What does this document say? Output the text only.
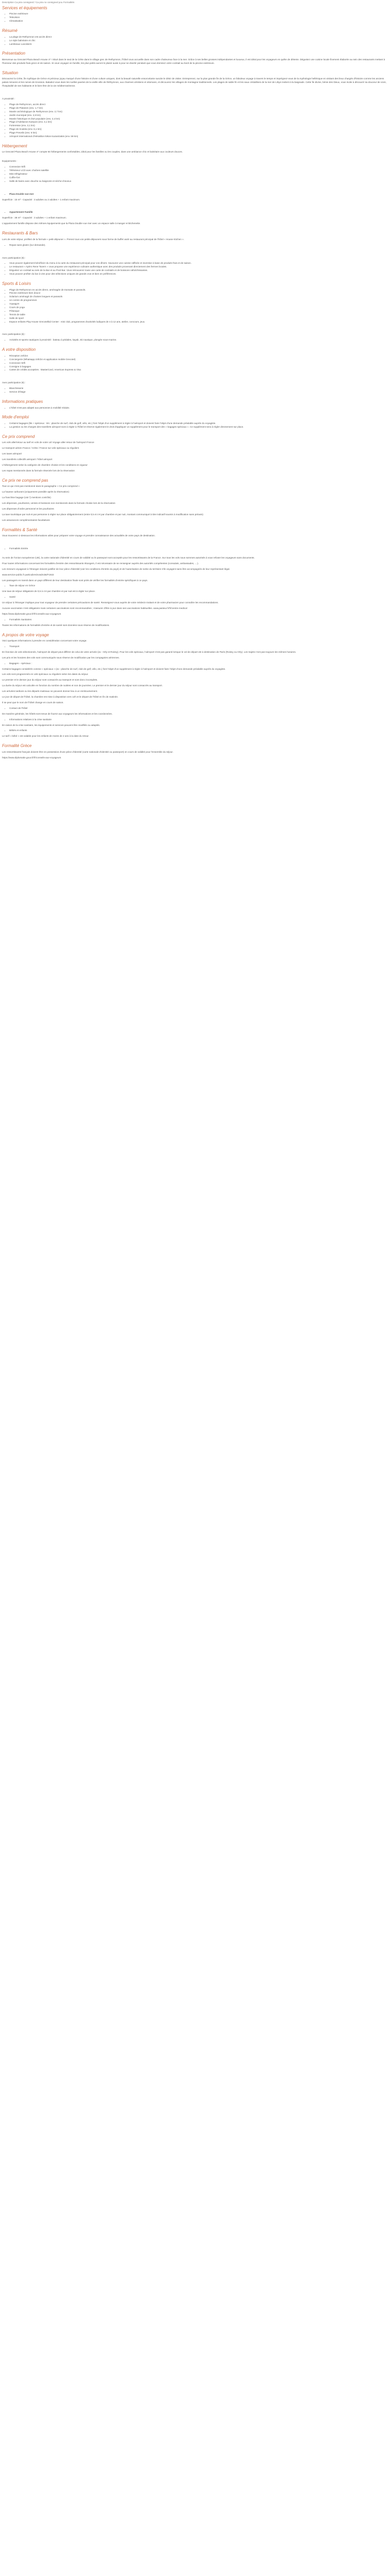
Description Ca pira consigned / Ca pira no consigned pou Formalités

Services et équipements
• Piscine extérieure
• Television
• Climatisation
Résumé
• La plage de Rethymnon est accès direct
• Le style balnéaire et chic
• Lambeaux Lavoisiers
Présentation

Bienvenue au Grecotel Plaza Beach House 4* ! Situé dans le seul de la Crète dans le village grec de Rethymnon, l'hôtel vous accueille dans son cadre chaleureux face à la mer. Grâce à ses belles grosses indépendantes et luxueux, il est idéal pour les voyageurs en quête de détente. Dégustez une cuisine locale finement élaborée au sein des restaurants mettant à l'honneur des produits frais grecs et de saison. Si vous voyagez en famille, les plus petits auront le plaisir aussi à pour se divertir pendant que vous dominez votre cocktail au bord de la piscine extérieure.

Situation

Découvrez la Crète, île mythique de Grèce et précieux joyau marqué d'une histoire et d'une culture uniques, dont la beauté naturelle ensorcelante suscite le désir de visiter. Entreprenez, sur la plus grande île de la Grèce, un fabuleux voyage à travers le temps et imprégnez-vous de la mythologie hellénique en visitant des lieux chargés d'histoire comme les anciens palais minoens et les ruines de Knossos. Baladez-vous dans les ruelles pavées de la vieille ville de Réthymnon, aux charmes vénitiens et ottomans, et découvrez les villages de montagne traditionnels. Les plages de sable fin et les eaux cristallines de la mer de Libye invitent à la baignade. Cette île divine, bénie des Dieux, vous invite à découvrir sa douceur de vivre, l'hospitalité de ses habitants et le bien-être de la vie méditerranéenne.

A proximité :

• Plage de Rethymnon, accès direct
• Plage de Platanes (env. 1,7 km)
• Musée archéologique de Rethymnon (env. 2,7 km)
• Jardin municipal (env. 2,6 km)
• Musée historique et d'art populaire (env. 2,4 km)
• Plage d'Adelianos Kampos (env. 3,1 km)
• Forteresse (env. 3,1 km)
• Plage de Scaleta (env. 6,1 km)
• Plage Prevelis (env. 6 km)
• Aéroport international d'Héraklion Nikos Kazantzakis (env. 59 km)
Hébergement

Le Grecotel Plaza Beach House 4* compte 84 hébergements confortables, idéal pour les familles ou les couples, dans une ambiance chic et balnéaire aux couleurs douces.

Equipements :

• Connexion Wifi
• Téléviseur LCD avec chaînes satellite
• Mini-réfrigérateur
• Coffre-fort
• Salle de bains avec douche ou baignoire et sèche-cheveux
• Plaza Double vue mer

Superficie : 15 m² - Capacité : 3 adultes ou 2 adultes + 1 enfant maximum.

• Appartement Famille

Superficie : 38 m² - Capacité : 3 adultes + 1 enfant maximum.

L'appartement famille dispose des mêmes équipements que la Plaza Double vue mer avec un espace salle à manger et kitchenette.

Restaurants & Bars

Lors de votre séjour, profitez de la formule « petit-déjeuner ». Prenez tous vos petits-déjeuners sous forme de buffet varié au restaurant principal de l'hôtel « House Kitchen ».

• Repas sans gluten (sur demande).

Avec participation (€) :

• Vous pouvez également bénéficier du menu à la carte du restaurant principal pour vos dîners. Savourez une cuisine raffinée et inventive à base de produits frais et de saison.
• Le restaurant « Apéro Rene Tavern » vous propose une expérience culinaire authentique avec des produits provenant directement des fermes locales.
• Dégustez un cocktail au sein de la Bar et au Pool Bar. Vous retrouverez toute une carte de cocktails et de boissons rafraîchissantes.
• Vous pouvez profiter du bar à vins pour des sélections uniques de grands crus et bien en préférences.
Sports & Loisirs
• Plage de Rethymnon en accès direct, aménagée de transats et parasols.
• Piscine extérieure bien douce
• Solarium aménagé de chaises longues et parasols
• Un centre de programmes
• Aquagym
• Cours de yoga
• Pétanque
• Tennis de table
• Salle de sport
• Espace enfants Play House Grecotelkid Center : mini club, programmes d'activités ludiques de 4 à 12 ans, atelier, concours, jeux.

Avec participation (€) :

• Activités et sports nautiques à proximité : bateau à pédales, kayak, ski nautique, plongée sous-marine.
A votre disposition
• Réception 24h/24
• Conciergerie (Whatsapp 24h/24 et application mobile Grecotel)
• Connexion Wifi
• Consigne à bagages
• Cartes de crédits acceptées : MasterCard, American Express & Visa

Avec participation (€) :

• Blanchisserie
• Service d'étage
Informations pratiques
• L'hôtel n'est pas adapté aux personnes à mobilité réduite.
Mode d'emploi
• Certains bagages (lits + spécieux : tirs : planche de surf, club de golf, vélo, etc.) font l'objet d'un supplément à régler à l'aéroport et doivent faire l'objet d'une demande préalable auprès du voyagiste.
• La gestion ou les charges des transferts aéroport sont à régler à l'hôtel et réserve également le droit d'appliquer un supplément pour le transport des « bagages spéciaux ». Ce supplément sera à régler directement sur place.
Ce prix comprend

Les vols aller/retour au tarif en vols de votre vol Voyage aller-retour de l'aéroport France

Le transport aérien France / Crète / France sur vols spéciaux ou réguliers

Les taxes aéroport

Les transferts collectifs aéroport / hôtel aéroport

L'hébergement selon la catégorie de chambre choisie et les conditions en vigueur

Les repas mentionnés dans la formule réservée lors de la réservation

Ce prix ne comprend pas

Tout ce qui n'est pas mentionné dans le paragraphe « Ce prix comprend »

La hausse carburant (uniquement possible après la réservation)

La franchise bagage (voir § mentions contrôle)

Les dépenses, pourboires, ventes et boissons non mentionnés dans la formule choisie lors de la réservation

Les dépenses d'ordre personnel et les pourboires

La taxe touristique par nuit et par personne à régler sur place obligatoirement (entre 0,5 et 4 € par chambre et par nuit, montant communiqué à titre indicatif soumis à modification sans préavis)

Les assurances complémentaires facultatives

Formalités & Santé

Vous trouverez ci-dessous les informations utiles pour préparer votre voyage et prendre connaissance des actualités de votre pays de destination.

• Formalités Entrée

Au sein de l'Union européenne (UE), la carte nationale d'identité en cours de validité ou le passeport sont acceptés pour les ressortissants de la France. Sur tous les vols nous sommes autorisés à vous refuser les voyageurs sans documents.

Pour toutes informations concernant les formalités d'entrée des ressortissants étrangers, il est nécessaire de se renseigner auprès des autorités compétentes (consulats, ambassades, …).

Les mineurs voyageant à l'étranger doivent justifier de leur pièce d'identité (voir les conditions d'entrée du pays) et de l'autorisation de sortie du territoire s'ils voyagent sans être accompagnés de leur représentant légal.

www.service-public.fr particuliers/vosdroits/F1922

Les passagers en transit dans un pays différent de leur destination finale sont priés de vérifier les formalités d'entrée spécifiques à ce pays.

• Taxe de séjour en Grèce

Une taxe de séjour obligatoire de 0,5 à 4 € par chambre et par nuit est à régler sur place.

• Santé

Un séjour à l'étranger implique pour tout voyageur de prendre certaines précautions de santé. Renseignez-vous auprès de votre médecin traitant et de votre pharmacien pour connaître les recommandations.

Aucune vaccination n'est obligatoire mais certaines vaccinations sont recommandées ; s'assurer d'être à jour dans ses vaccinations habituelles. www.pasteur.fr/fr/centre-medical

https://www.diplomatie.gouv.fr/fr/conseils-aux-voyageurs

• Formalités Sanitaires

Toutes les informations de formalités d'entrée et de santé sont données sous réserve de modifications.

A propos de votre voyage

Voici quelques informations à prendre en considération concernant votre voyage.

• Transport

En fonction de vols sélectionnés, l'aéroport de départ peut différer de celui de votre arrivée (ex : Orly et Roissy). Pour les vols spéciaux, l'aéroport n'est pas garanti lorsque le vol de départ est à destination de Paris (Roissy ou Orly). Les trajets n'ont pas toujours les mêmes horaires.

Les prix et les horaires des vols sont communiqués sous réserve de modification par les compagnies aériennes.

• Bagages – spéciaux :

Certains bagages considérés comme « spéciaux » (ex : planche de surf, club de golf, vélo, etc.) font l'objet d'un supplément à régler à l'aéroport et doivent faire l'objet d'une demande préalable auprès du voyagiste.

Les vols sont programmés en vols spéciaux ou réguliers selon les dates du séjour.

Le premier et le dernier jour du séjour sont consacrés au transport et sont donc incomplets.

La durée du séjour est calculée en fonction du nombre de nuitées et non de journées. Le premier et le dernier jour du séjour sont consacrés au transport.

Les arrivées tardives ou les départs matinaux ne peuvent donner lieu à un remboursement.

Le jour de départ de l'hôtel, la chambre est mise à disposition vers 12h et le départ de l'hôtel en fin de matinée.

Il se peut que le nom de l'hôtel change en cours de saison.

• Contact de l'hôtel

De manière générale, les hôtels sont tenus de fournir aux voyageurs les informations et les coordonnées.

• Informations relatives à la crise sanitaire

En raison de la crise sanitaire, les équipements et services peuvent être modifiés ou adaptés.

• Bébés et enfants

Le tarif « bébé » est valable pour les enfants de moins de 2 ans à la date du retour.

Formalité Grèce

Les ressortissants français doivent être en possession d'une pièce d'identité (carte nationale d'identité ou passeport) en cours de validité pour l'ensemble du séjour.

https://www.diplomatie.gouv.fr/fr/conseils-aux-voyageurs
